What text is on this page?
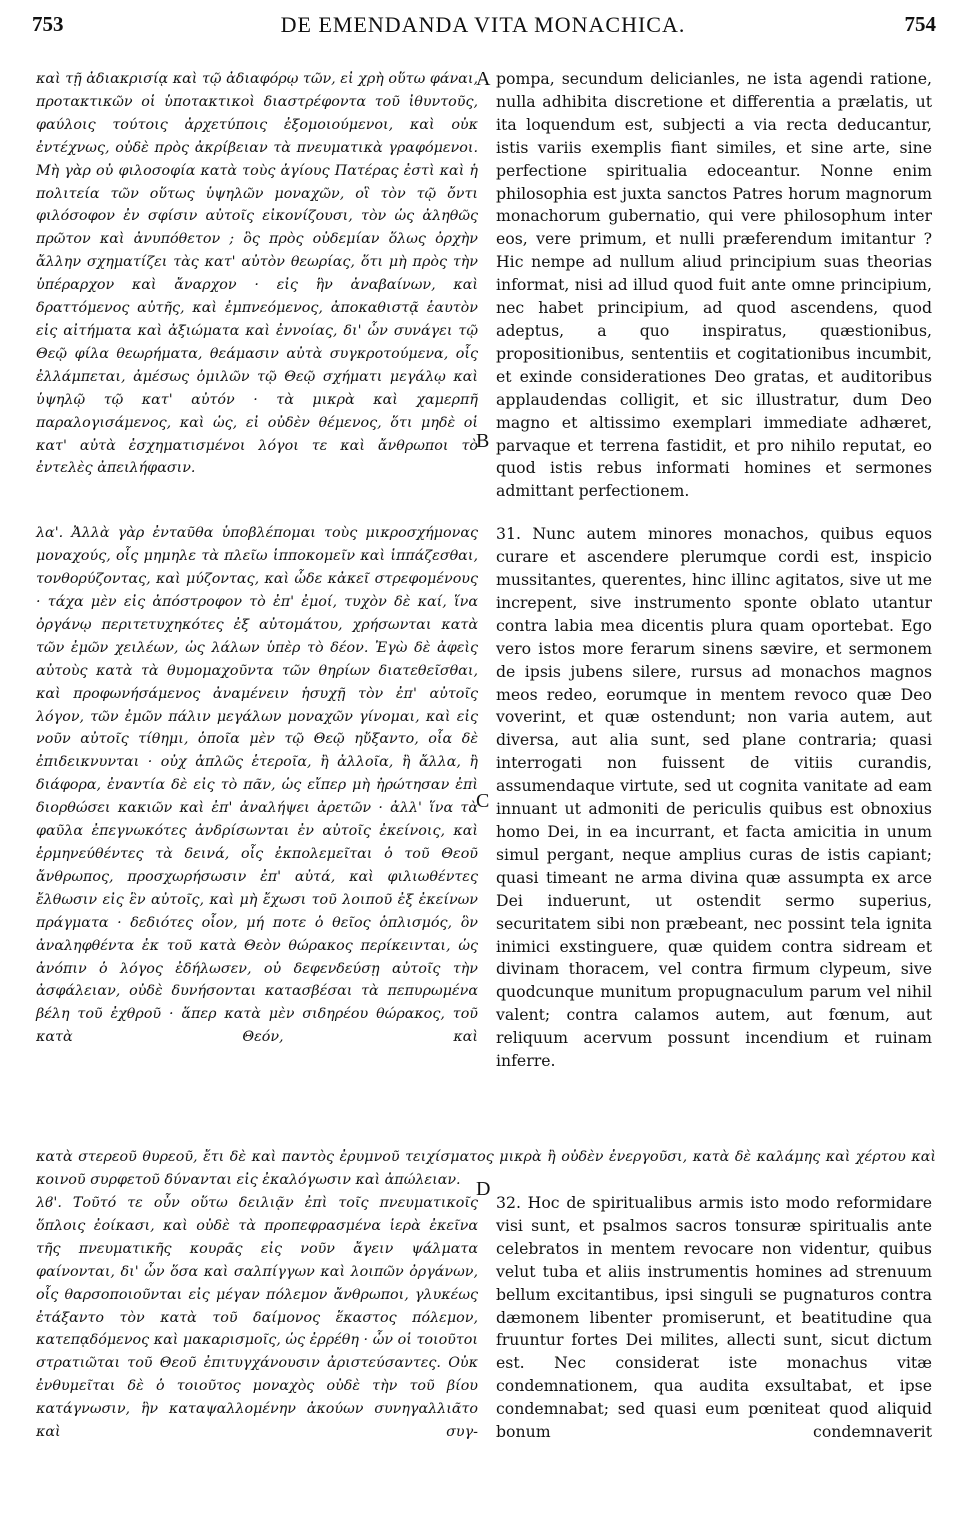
753	DE EMENDANDA VITA MONACHICA.	754
A
B
C
D

καὶ τῇ ἀδιακρισίᾳ καὶ τῷ ἀδιαφόρῳ τῶν, εἰ χρὴ οὕτω φάναι, προτακτικῶν οἱ ὑποτακτικοὶ διαστρέφοντα τοῦ ἰθυντοῦς, φαύλοις τούτοις ἀρχετύποις ἐξομοιούμενοι, καὶ οὐκ ἐντέχνως, οὐδὲ πρὸς ἀκρίβειαν τὰ πνευματικὰ γραφόμενοι. Μὴ γὰρ οὐ φιλοσοφία κατὰ τοὺς ἁγίους Πατέρας ἐστὶ καὶ ἡ πολιτεία τῶν οὕτως ὑψηλῶν μοναχῶν, οἳ τὸν τῷ ὄντι φιλόσοφον ἐν σφίσιν αὐτοῖς εἰκονίζουσι, τὸν ὡς ἀληθῶς πρῶτον καὶ ἀνυπόθετον ; ὃς πρὸς οὐδεμίαν ὅλως ὀρχὴν ἄλλην σχηματίζει τὰς κατ' αὐτὸν θεωρίας, ὅτι μὴ πρὸς τὴν ὑπέραρχον καὶ ἄναρχον · εἰς ἣν ἀναβαίνων, καὶ δραττόμενος αὐτῆς, καὶ ἐμπνεόμενος, ἀποκαθιστᾷ ἑαυτὸν εἰς αἰτήματα καὶ ἀξιώματα καὶ ἐννοίας, δι' ὧν συνάγει τῷ Θεῷ φίλα θεωρήματα, θεάμασιν αὐτὰ συγκροτούμενα, οἷς ἐλλάμπεται, ἀμέσως ὁμιλῶν τῷ Θεῷ σχήματι μεγάλῳ καὶ ὑψηλῷ τῷ κατ' αὐτόν · τὰ μικρὰ καὶ χαμερπῆ παραλογισάμενος, καὶ ὡς, εἰ οὐδὲν θέμενος, ὅτι μηδὲ οἱ κατ' αὐτὰ ἐσχηματισμένοι λόγοι τε καὶ ἄνθρωποι τὸ ἐντελὲς ἀπειλήφασιν.

λα'. Ἀλλὰ γὰρ ἐνταῦθα ὑποβλέπομαι τοὺς μικροσχήμονας μοναχούς, οἷς μημηλε τὰ πλεῖω ἱπποκομεῖν καὶ ἱππάζεσθαι, τονθορύζοντας, καὶ μύζοντας, καὶ ὧδε κἀκεῖ στρεφομένους · τάχα μὲν εἰς ἀπόστροφον τὸ ἐπ' ἐμοί, τυχὸν δὲ καί, ἵνα ὀργάνῳ περιτετυχηκότες ἐξ αὐτομάτου, χρήσωνται κατὰ τῶν ἐμῶν χειλέων, ὡς λάλων ὑπὲρ τὸ δέον. Ἐγὼ δὲ ἀφεὶς αὐτοὺς κατὰ τὰ θυμομαχοῦντα τῶν θηρίων διατεθεῖσθαι, καὶ προφωνήσάμενος ἀναμένειν ἡσυχῇ τὸν ἐπ' αὐτοῖς λόγον, τῶν ἐμῶν πάλιν μεγάλων μοναχῶν γίνομαι, καὶ εἰς νοῦν αὐτοῖς τίθημι, ὁποῖα μὲν τῷ Θεῷ ηὔξαντο, οἷα δὲ ἐπιδεικνυνται · οὐχ ἁπλῶς ἑτεροῖα, ἢ ἀλλοῖα, ἢ ἄλλα, ἢ διάφορα, ἐναντία δὲ εἰς τὸ πᾶν, ὡς εἴπερ μὴ ἠρώτησαν ἐπὶ διορθώσει κακιῶν καὶ ἐπ' ἀναλήψει ἀρετῶν · ἀλλ' ἵνα τὰ φαῦλα ἐπεγνωκότες ἀνδρίσωνται ἐν αὐτοῖς ἐκείνοις, καὶ ἑρμηνεύθέντες τὰ δεινά, οἷς ἐκπολεμεῖται ὁ τοῦ Θεοῦ ἄνθρωπος, προσχωρήσωσιν ἐπ' αὐτά, καὶ φιλιωθέντες ἔλθωσιν εἰς ἓν αὐτοῖς, καὶ μὴ ἔχωσι τοῦ λοιποῦ ἐξ ἐκείνων πράγματα · δεδιότες οἷον, μή ποτε ὁ θεῖος ὁπλισμός, ὃν ἀναληφθέντα ἐκ τοῦ κατὰ Θεὸν θώρακος περίκεινται, ὡς ἀνόπιν ὁ λόγος ἐδήλωσεν, οὐ δεφενδεύσῃ αὐτοῖς τὴν ἀσφάλειαν, οὐδὲ δυνήσονται κατασβέσαι τὰ πεπυρωμένα βέλη τοῦ ἐχθροῦ · ἅπερ κατὰ μὲν σιδηρέου θώρακος, τοῦ κατὰ Θεόν, καὶ

pompa, secundum delicianles, ne ista agendi ratione, nulla adhibita discretione et differentia a prælatis, ut ita loquendum est, subjecti a via recta deducantur, istis variis exemplis fiant similes, et sine arte, sine perfectione spiritualia edoceantur. Nonne enim philosophia est juxta sanctos Patres horum magnorum monachorum gubernatio, qui vere philosophum inter eos, vere primum, et nulli præferendum imitantur ? Hic nempe ad nullum aliud principium suas theorias informat, nisi ad illud quod fuit ante omne principium, nec habet principium, ad quod ascendens, quod adeptus, a quo inspiratus, quæstionibus, propositionibus, sententiis et cogitationibus incumbit, et exinde considerationes Deo gratas, et auditoribus applaudendas colligit, et sic illustratur, dum Deo magno et altissimo exemplari immediate adhæret, parvaque et terrena fastidit, et pro nihilo reputat, eo quod istis rebus informati homines et sermones admittant perfectionem.

31. Nunc autem minores monachos, quibus equos curare et ascendere plerumque cordi est, inspicio mussitantes, querentes, hinc illinc agitatos, sive ut me increpent, sive instrumento sponte oblato utantur contra labia mea dicentis plura quam oportebat. Ego vero istos more ferarum sinens sævire, et sermonem de ipsis jubens silere, rursus ad monachos magnos meos redeo, eorumque in mentem revoco quæ Deo voverint, et quæ ostendunt; non varia autem, aut diversa, aut alia sunt, sed plane contraria; quasi interrogati non fuissent de vitiis curandis, assumendaque virtute, sed ut cognita vanitate ad eam innuant ut admoniti de periculis quibus est obnoxius homo Dei, in ea incurrant, et facta amicitia in unum simul pergant, neque amplius curas de istis capiant; quasi timeant ne arma divina quæ assumpta ex arce Dei induerunt, ut ostendit sermo superius, securitatem sibi non præbeant, nec possint tela ignita inimici exstinguere, quæ quidem contra sidream et divinam thoracem, vel contra firmum clypeum, sive quodcunque munitum propugnaculum parum vel nihil valent; contra calamos autem, aut fœnum, aut reliquum acervum possunt incendium et ruinam inferre.

κατὰ στερεοῦ θυρεοῦ, ἔτι δὲ καὶ παντὸς ἐρυμνοῦ τειχίσματος μικρὰ ἢ οὐδὲν ἐνεργοῦσι, κατὰ δὲ καλάμης καὶ χέρτου καὶ κοινοῦ συρφετοῦ δύνανται εἰς ἐκαλόγωσιν καὶ ἀπώλειαν.

λϐ'. Τοῦτό τε οὖν οὕτω δειλιᾷν ἐπὶ τοῖς πνευματικοῖς ὅπλοις ἐοίκασι, καὶ οὐδὲ τὰ προπεφρασμένα ἱερὰ ἐκεῖνα τῆς πνευματικῆς κουρᾶς εἰς νοῦν ἄγειν ψάλματα φαίνονται, δι' ὧν ὅσα καὶ σαλπίγγων καὶ λοιπῶν ὀργάνων, οἷς θαρσοποιοῦνται εἰς μέγαν πόλεμον ἄνθρωποι, γλυκέως ἐτάξαντο τὸν κατὰ τοῦ δαίμονος ἕκαστος πόλεμον, κατεπᾳδόμενος καὶ μακαρισμοῖς, ὡς ἐρρέθη · ὧν οἱ τοιοῦτοι στρατιῶται τοῦ Θεοῦ ἐπιτυγχάνουσιν ἀριστεύσαντες. Οὐκ ἐνθυμεῖται δὲ ὁ τοιοῦτος μοναχὸς οὐδὲ τὴν τοῦ βίου κατάγνωσιν, ἣν καταψαλλομένην ἀκούων συνηγαλλιᾶτο καὶ συγ-

32. Hoc de spiritualibus armis isto modo reformidare visi sunt, et psalmos sacros tonsuræ spiritualis ante celebratos in mentem revocare non videntur, quibus velut tuba et aliis instrumentis homines ad strenuum bellum excitantibus, ipsi singuli se pugnaturos contra dæmonem libenter promiserunt, et beatitudine qua fruuntur fortes Dei milites, allecti sunt, sicut dictum est. Nec considerat iste monachus vitæ condemnationem, qua audita exsultabat, et ipse condemnabat; sed quasi eum pœniteat quod aliquid bonum condemnaverit
